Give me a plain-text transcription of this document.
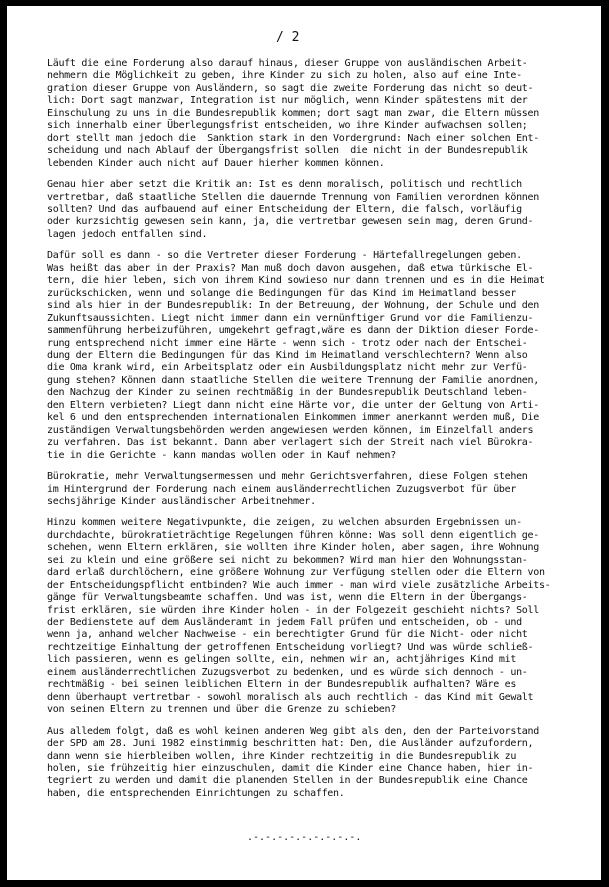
/ 2
Läuft die eine Forderung also darauf hinaus, dieser Gruppe von ausländischen Arbeit-
nehmern die Möglichkeit zu geben, ihre Kinder zu sich zu holen, also auf eine Inte-
gration dieser Gruppe von Ausländern, so sagt die zweite Forderung das nicht so deut-
lich: Dort sagt manzwar, Integration ist nur möglich, wenn Kinder spätestens mit der
Einschulung zu uns in die Bundesrepublik kommen; dort sagt man zwar, die Eltern müssen
sich innerhalb einer Überlegungsfrist entscheiden, wo ihre Kinder aufwachsen sollen;
dort stellt man jedoch die  Sanktion stark in den Vordergrund: Nach einer solchen Ent-
scheidung und nach Ablauf der Übergangsfrist sollen  die nicht in der Bundesrepublik
lebenden Kinder auch nicht auf Dauer hierher kommen können.
Genau hier aber setzt die Kritik an: Ist es denn moralisch, politisch und rechtlich
vertretbar, daß staatliche Stellen die dauernde Trennung von Familien verordnen können
sollten? Und das aufbauend auf einer Entscheidung der Eltern, die falsch, vorläufig
oder kurzsichtig gewesen sein kann, ja, die vertretbar gewesen sein mag, deren Grund-
lagen jedoch entfallen sind.
Dafür soll es dann - so die Vertreter dieser Forderung - Härtefallregelungen geben.
Was heißt das aber in der Praxis? Man muß doch davon ausgehen, daß etwa türkische El-
tern, die hier leben, sich von ihrem Kind sowieso nur dann trennen und es in die Heimat
zurückschicken, wenn und solange die Bedingungen für das Kind im Heimatland besser
sind als hier in der Bundesrepublik: In der Betreuung, der Wohnung, der Schule und den
Zukunftsaussichten. Liegt nicht immer dann ein vernünftiger Grund vor die Familienzu-
sammenführung herbeizuführen, umgekehrt gefragt,wäre es dann der Diktion dieser Forde-
rung entsprechend nicht immer eine Härte - wenn sich - trotz oder nach der Entschei-
dung der Eltern die Bedingungen für das Kind im Heimatland verschlechtern? Wenn also
die Oma krank wird, ein Arbeitsplatz oder ein Ausbildungsplatz nicht mehr zur Verfü-
gung stehen? Können dann staatliche Stellen die weitere Trennung der Familie anordnen,
den Nachzug der Kinder zu seinen rechtmäßig in der Bundesrepublik Deutschland leben-
den Eltern verbieten? Liegt dann nicht eine Härte vor, die unter der Geltung von Arti-
kel 6 und den entsprechenden internationalen Einkommen immer anerkannt werden muß, Die
zuständigen Verwaltungsbehörden werden angewiesen werden können, im Einzelfall anders
zu verfahren. Das ist bekannt. Dann aber verlagert sich der Streit nach viel Bürokra-
tie in die Gerichte - kann mandas wollen oder in Kauf nehmen?
Bürokratie, mehr Verwaltungsermessen und mehr Gerichtsverfahren, diese Folgen stehen
im Hintergrund der Forderung nach einem ausländerrechtlichen Zuzugsverbot für über
sechsjährige Kinder ausländischer Arbeitnehmer.
Hinzu kommen weitere Negativpunkte, die zeigen, zu welchen absurden Ergebnissen un-
durchdachte, bürokratieträchtige Regelungen führen könne: Was soll denn eigentlich ge-
schehen, wenn Eltern erklären, sie wollten ihre Kinder holen, aber sagen, ihre Wohnung
sei zu klein und eine größere sei nicht zu bekommen? Wird man hier den Wohnungsstan-
dard erlaß durchlöchern, eine größere Wohnung zur Verfügung stellen oder die Eltern von
der Entscheidungspflicht entbinden? Wie auch immer - man wird viele zusätzliche Arbeits-
gänge für Verwaltungsbeamte schaffen. Und was ist, wenn die Eltern in der Übergangs-
frist erklären, sie würden ihre Kinder holen - in der Folgezeit geschieht nichts? Soll
der Bedienstete auf dem Ausländeramt in jedem Fall prüfen und entscheiden, ob - und
wenn ja, anhand welcher Nachweise - ein berechtigter Grund für die Nicht- oder nicht
rechtzeitige Einhaltung der getroffenen Entscheidung vorliegt? Und was würde schließ-
lich passieren, wenn es gelingen sollte, ein, nehmen wir an, achtjähriges Kind mit
einem ausländerrechtlichen Zuzugsverbot zu bedenken, und es würde sich dennoch - un-
rechtmäßig - bei seinen leiblichen Eltern in der Bundesrepublik aufhalten? Wäre es
denn überhaupt vertretbar - sowohl moralisch als auch rechtlich - das Kind mit Gewalt
von seinen Eltern zu trennen und über die Grenze zu schieben?
Aus alledem folgt, daß es wohl keinen anderen Weg gibt als den, den der Parteivorstand
der SPD am 28. Juni 1982 einstimmig beschritten hat: Den, die Ausländer aufzufordern,
dann wenn sie hierbleiben wollen, ihre Kinder rechtzeitig in die Bundesrepublik zu
holen, sie frühzeitig hier einzuschulen, damit die Kinder eine Chance haben, hier in-
tegriert zu werden und damit die planenden Stellen in der Bundesrepublik eine Chance
haben, die entsprechenden Einrichtungen zu schaffen.
.-.-.-.-.-.-.-.-.-.
